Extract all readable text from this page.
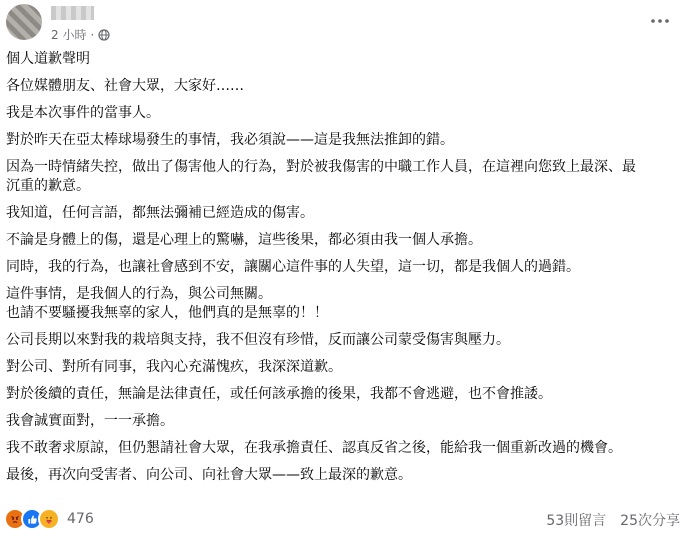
2 小時 ·
個人道歉聲明
各位媒體朋友、社會大眾，大家好……
我是本次事件的當事人。
對於昨天在亞太棒球場發生的事情，我必須說——這是我無法推卸的錯。
因為一時情緒失控，做出了傷害他人的行為，對於被我傷害的中職工作人員，在這裡向您致上最深、最
沉重的歉意。
我知道，任何言語，都無法彌補已經造成的傷害。
不論是身體上的傷，還是心理上的驚嚇，這些後果，都必須由我一個人承擔。
同時，我的行為，也讓社會感到不安，讓關心這件事的人失望，這一切，都是我個人的過錯。
這件事情，是我個人的行為，與公司無關。
也請不要騷擾我無辜的家人，他們真的是無辜的！！
公司長期以來對我的栽培與支持，我不但沒有珍惜，反而讓公司蒙受傷害與壓力。
對公司、對所有同事，我內心充滿愧疚，我深深道歉。
對於後續的責任，無論是法律責任，或任何該承擔的後果，我都不會逃避，也不會推諉。
我會誠實面對，一一承擔。
我不敢奢求原諒，但仍懇請社會大眾，在我承擔責任、認真反省之後，能給我一個重新改過的機會。
最後，再次向受害者、向公司、向社會大眾——致上最深的歉意。
476	53則留言 25次分享
